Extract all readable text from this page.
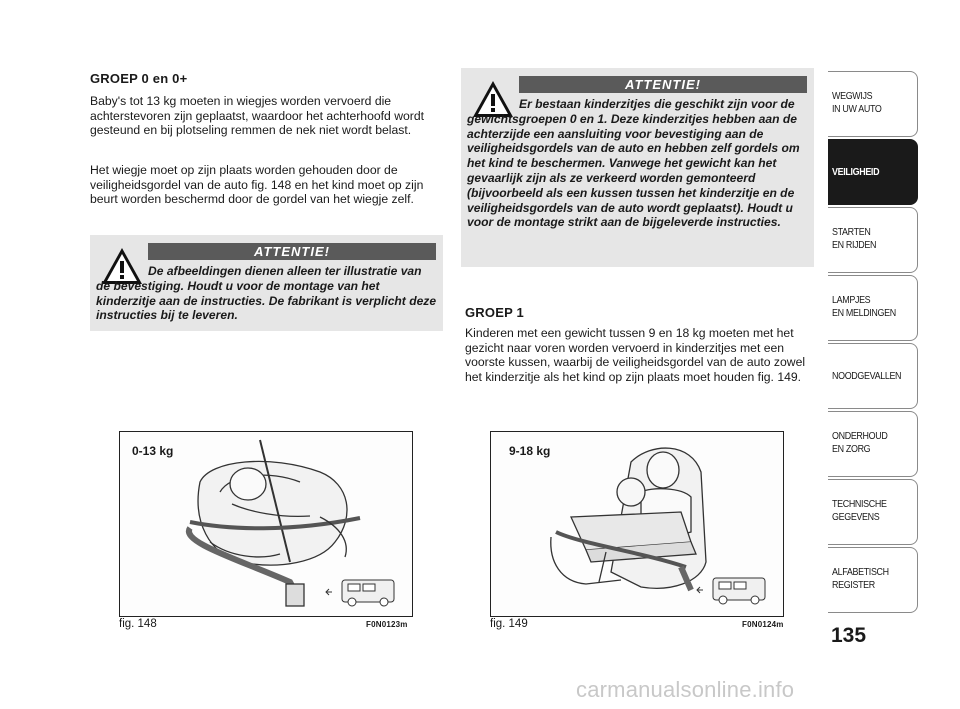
GROEP 0 en 0+

Baby's tot 13 kg moeten in wiegjes worden vervoerd die achterstevoren zijn geplaatst, waardoor het achterhoofd wordt gesteund en bij plotseling remmen de nek niet wordt belast.

Het wiegje moet op zijn plaats worden gehouden door de veiligheidsgordel van de auto fig. 148 en het kind moet op zijn beurt worden beschermd door de gordel van het wiegje zelf.

ATTENTIE!
De afbeeldingen dienen alleen ter illustratie van de bevestiging. Houdt u voor de montage van het kinderzitje aan de instructies. De fabrikant is verplicht deze instructies bij te leveren.
ATTENTIE!
Er bestaan kinderzitjes die geschikt zijn voor de gewichtsgroepen 0 en 1. Deze kinderzitjes hebben aan de achterzijde een aansluiting voor bevestiging aan de veiligheidsgordels van de auto en hebben zelf gordels om het kind te beschermen. Vanwege het gewicht kan het gevaarlijk zijn als ze verkeerd worden gemonteerd (bijvoorbeeld als een kussen tussen het kinderzitje en de veiligheidsgordels van de auto wordt geplaatst). Houdt u voor de montage strikt aan de bijgeleverde instructies.
GROEP 1

Kinderen met een gewicht tussen 9 en 18 kg moeten met het gezicht naar voren worden vervoerd in kinderzitjes met een voorste kussen, waarbij de veiligheidsgordel van de auto zowel het kinderzitje als het kind op zijn plaats moet houden fig. 149.

0-13 kg
fig. 148	F0N0123m
9-18 kg
fig. 149	F0N0124m
WEGWIJS
IN UW AUTO
VEILIGHEID
STARTEN
EN RIJDEN
LAMPJES
EN MELDINGEN
NOODGEVALLEN
ONDERHOUD
EN ZORG
TECHNISCHE
GEGEVENS
ALFABETISCH
REGISTER
135
carmanualsonline.info
